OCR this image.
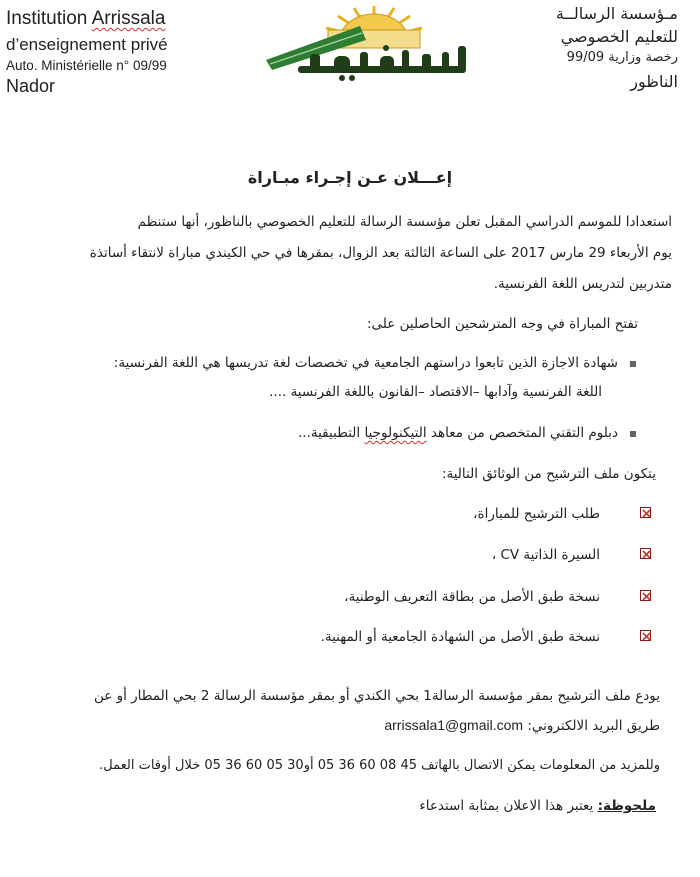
Institution Arrissala
d’enseignement privé
Auto. Ministérielle n° 09/99
Nador
مـؤسسة الرسالــة
للتعليم الخصوصي
رخصة وزارية 99/09
الناظور
إعـــلان عـن إجـراء مبـاراة
استعدادا للموسم الدراسي المقبل تعلن مؤسسة الرسالة للتعليم الخصوصي بالناظور، أنها ستنظم
يوم الأربعاء 29 مارس 2017 على الساعة الثالثة بعد الزوال، بمقرها في حي الكيندي مباراة لانتقاء أساتذة
متدربين لتدريس اللغة الفرنسية.
تفتح المباراة في وجه المترشحين الحاصلين على:
شهادة الاجازة الذين تابعوا دراستهم الجامعية في تخصصات لغة تدريسها هي اللغة الفرنسية:
اللغة الفرنسية وآدابها –الاقتصاد –القانون باللغة الفرنسية ....
دبلوم التقني المتخصص من معاهد التيكنولوجيا التطبيقية...
يتكون ملف الترشيح من الوثائق التالية:
طلب الترشيح للمباراة،
السيرة الذاتية CV ،
نسخة طبق الأصل من بطاقة التعريف الوطنية،
نسخة طبق الأصل من الشهادة الجامعية أو المهنية.
يودع ملف الترشيح بمقر مؤسسة الرسالة1 بحي الكندي أو بمقر مؤسسة الرسالة 2 بحي المطار أو عن
طريق البريد الالكتروني: arrissala1@gmail.com
وللمزيد من المعلومات يمكن الاتصال بالهاتف 45 08 60 36 05 أو30 05 60 36 05 خلال أوقات العمل.
ملحوظة: يعتبر هذا الاعلان بمثابة استدعاء
